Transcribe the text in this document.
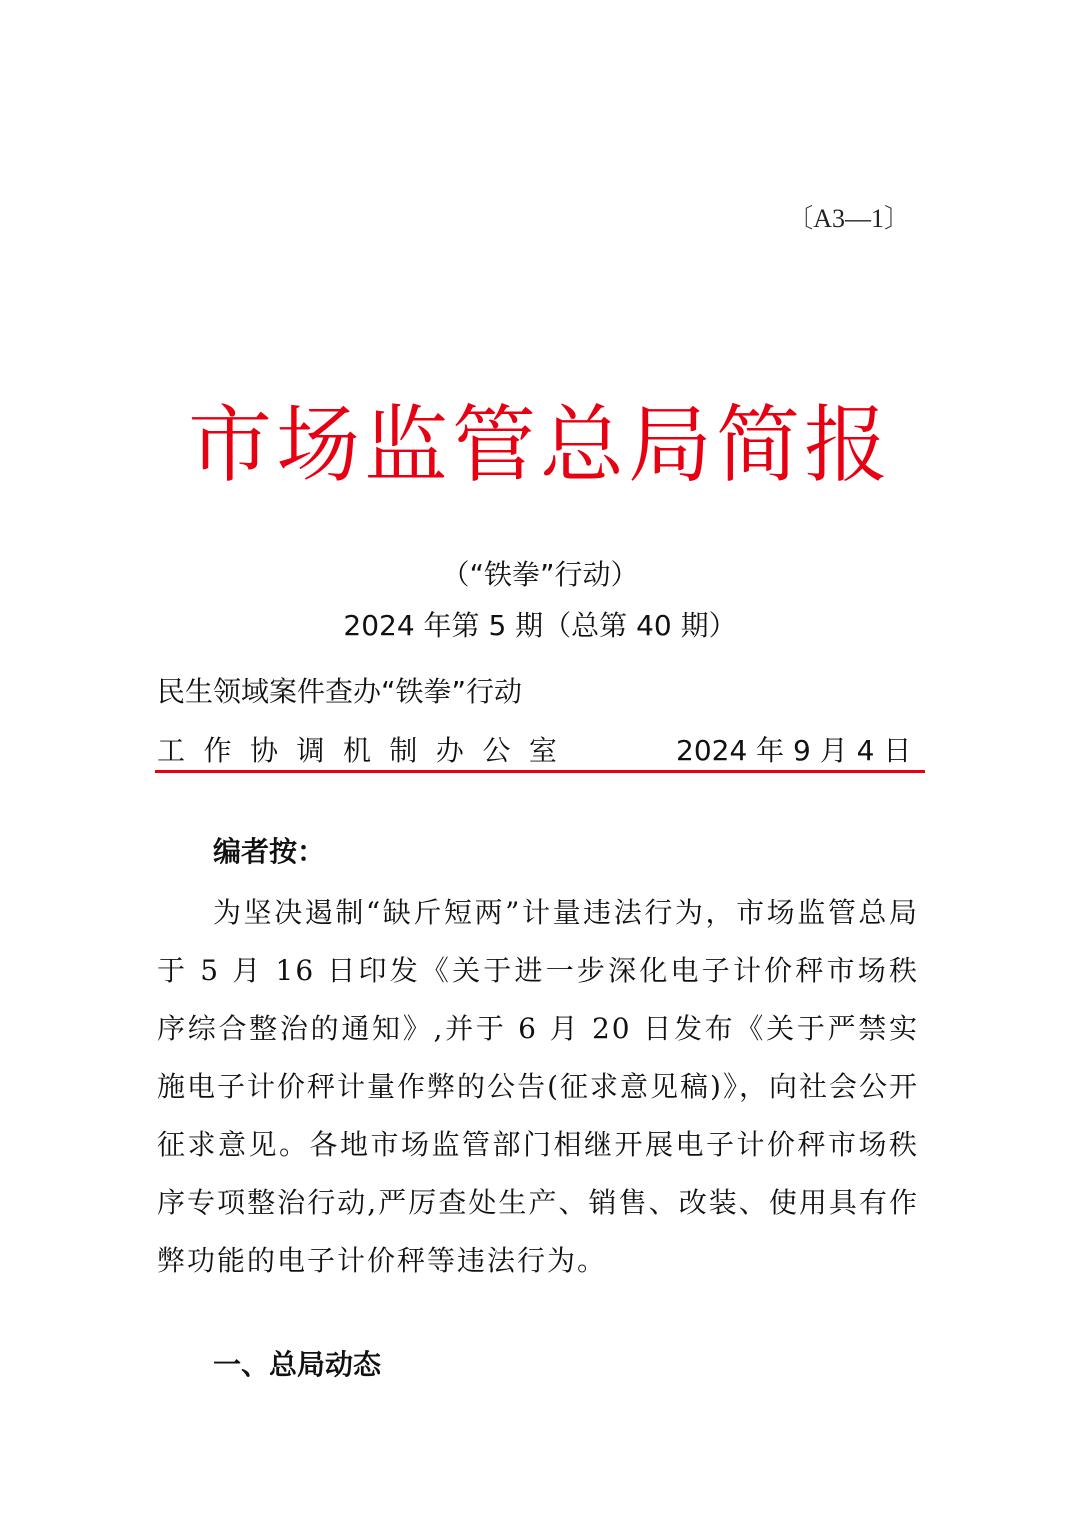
〔A3—1〕
市场监管总局简报
（“铁拳”行动）
2024 年第 5 期（总第 40 期）
民生领域案件查办“铁拳”行动
工 作 协 调 机 制 办 公 室	2024 年 9 月 4 日
编者按：

为坚决遏制“缺斤短两”计量违法行为，市场监管总局于 5 月 16 日印发《关于进一步深化电子计价秤市场秩序综合整治的通知》,并于 6 月 20 日发布《关于严禁实施电子计价秤计量作弊的公告(征求意见稿)》，向社会公开征求意见。各地市场监管部门相继开展电子计价秤市场秩序专项整治行动,严厉查处生产、销售、改装、使用具有作弊功能的电子计价秤等违法行为。

一、总局动态
